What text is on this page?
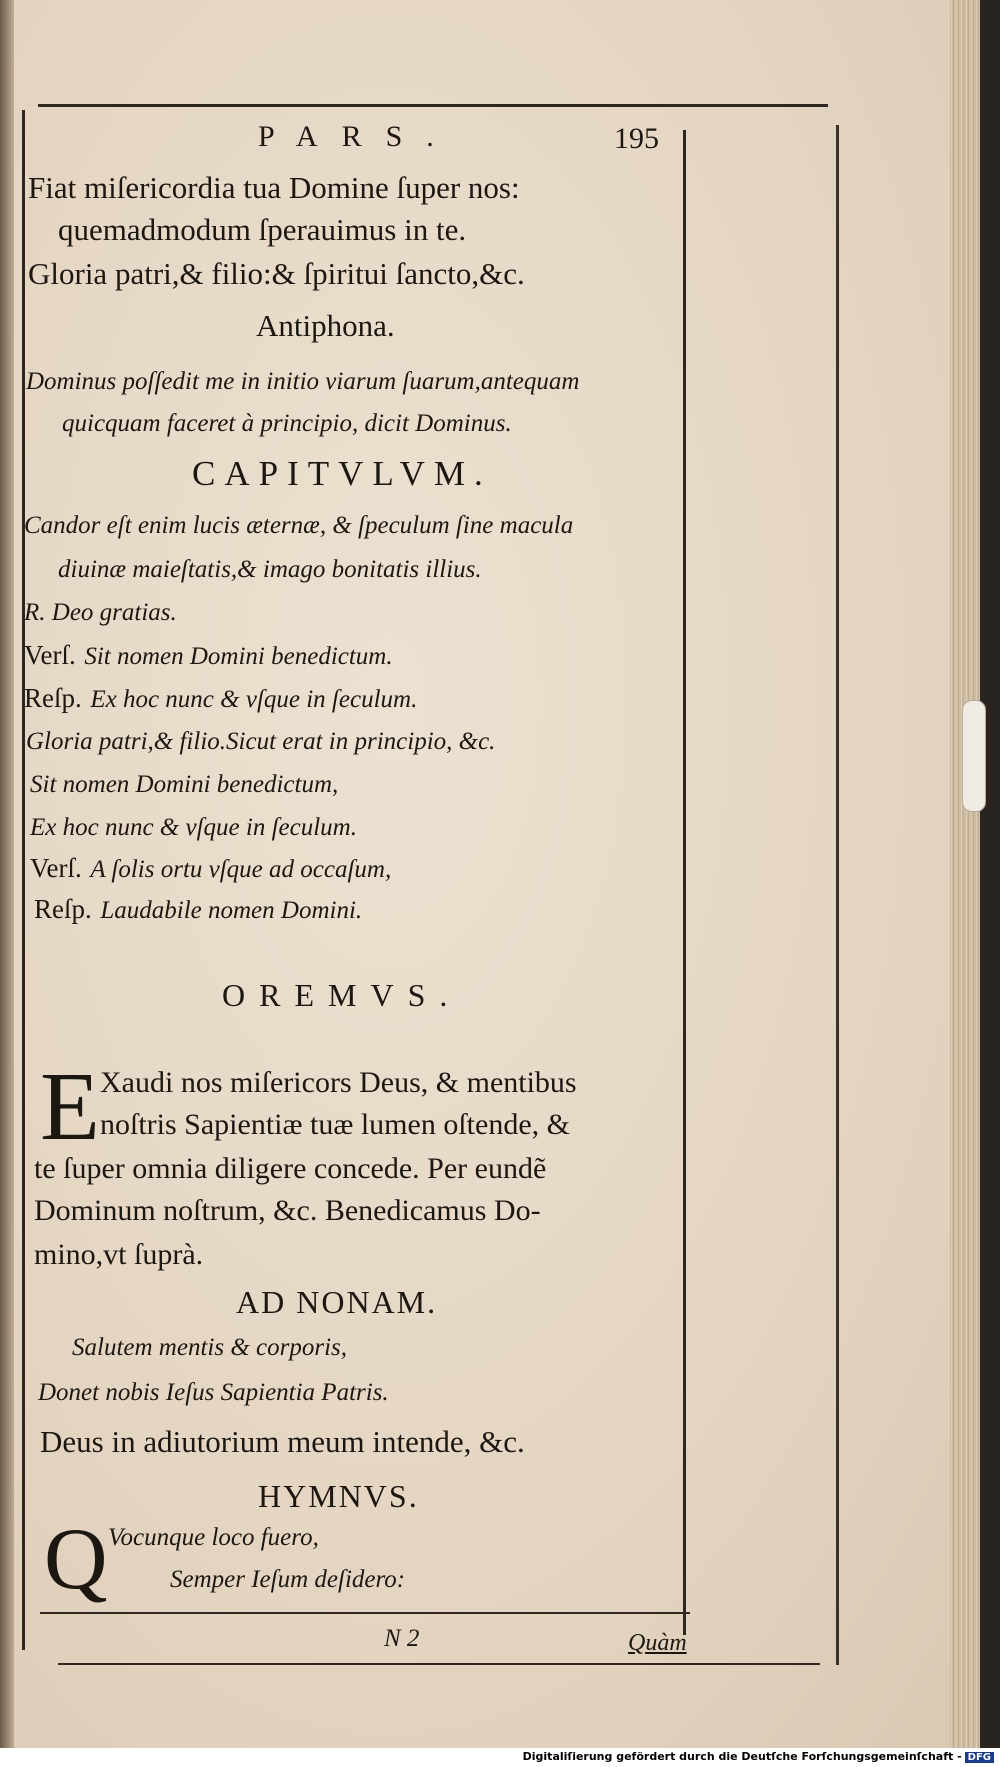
PARS.	195
Fiat miſericordia tua Domine ſuper nos:
quemadmodum ſperauimus in te.
Gloria patri,& filio:& ſpiritui ſancto,&c.
Antiphona.
Dominus poſſedit me in initio viarum ſuarum,antequam
quicquam faceret à principio, dicit Dominus.
CAPITVLVM.
Candor eſt enim lucis æternæ, & ſpeculum ſine macula
diuinæ maieſtatis,& imago bonitatis illius.
R. Deo gratias.
Verſ. Sit nomen Domini benedictum.
Reſp. Ex hoc nunc & vſque in ſeculum.
Gloria patri,& filio.Sicut erat in principio, &c.
Sit nomen Domini benedictum,
Ex hoc nunc & vſque in ſeculum.
Verſ. A ſolis ortu vſque ad occaſum,
Reſp. Laudabile nomen Domini.
OREMVS.
E Xaudi nos miſericors Deus, & mentibus
noſtris Sapientiæ tuæ lumen oſtende, &
te ſuper omnia diligere concede. Per eundẽ
Dominum noſtrum, &c. Benedicamus Do-
mino,vt ſuprà.
AD NONAM.
Salutem mentis & corporis,
Donet nobis Ieſus Sapientia Patris.
Deus in adiutorium meum intende, &c.
HYMNVS.
Q Vocunque loco fuero,
Semper Ieſum deſidero:
N 2	Quàm
Digitaliſierung gefördert durch die Deutſche Forſchungsgemeinſchaft - DFG
